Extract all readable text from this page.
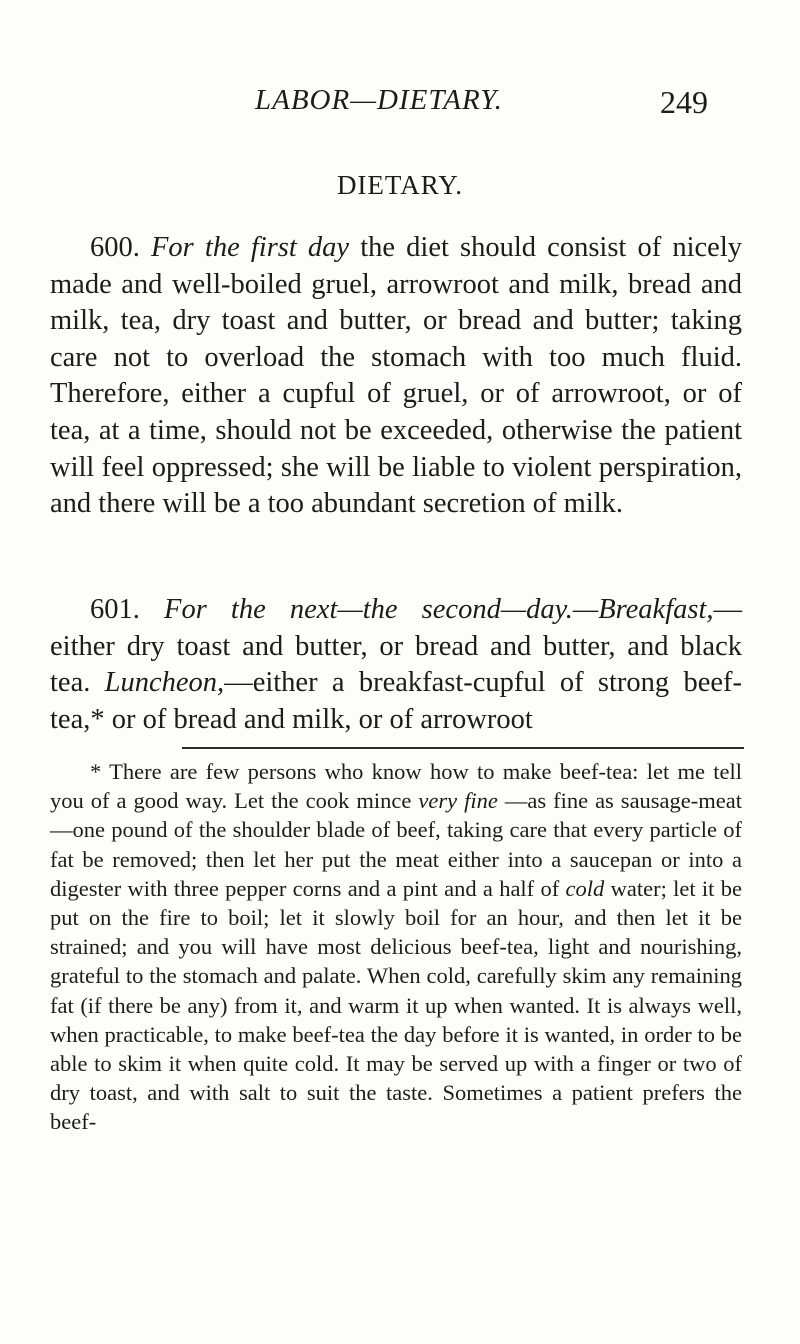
LABOR—DIETARY.	249
DIETARY.

600. For the first day the diet should consist of nicely made and well-boiled gruel, arrowroot and milk, bread and milk, tea, dry toast and butter, or bread and butter; taking care not to overload the stomach with too much fluid. Therefore, either a cupful of gruel, or of arrowroot, or of tea, at a time, should not be exceeded, otherwise the patient will feel oppressed; she will be liable to violent perspiration, and there will be a too abundant secretion of milk.

601. For the next—the second—day.—Breakfast,— either dry toast and butter, or bread and butter, and black tea. Luncheon,—either a breakfast-cupful of strong beef-tea,* or of bread and milk, or of arrowroot

* There are few persons who know how to make beef-tea: let me tell you of a good way. Let the cook mince very fine —as fine as sausage-meat—one pound of the shoulder blade of beef, taking care that every particle of fat be removed; then let her put the meat either into a saucepan or into a digester with three pepper corns and a pint and a half of cold water; let it be put on the fire to boil; let it slowly boil for an hour, and then let it be strained; and you will have most delicious beef-tea, light and nourishing, grateful to the stomach and palate. When cold, carefully skim any remaining fat (if there be any) from it, and warm it up when wanted. It is always well, when practicable, to make beef-tea the day before it is wanted, in order to be able to skim it when quite cold. It may be served up with a finger or two of dry toast, and with salt to suit the taste. Sometimes a patient prefers the beef-
